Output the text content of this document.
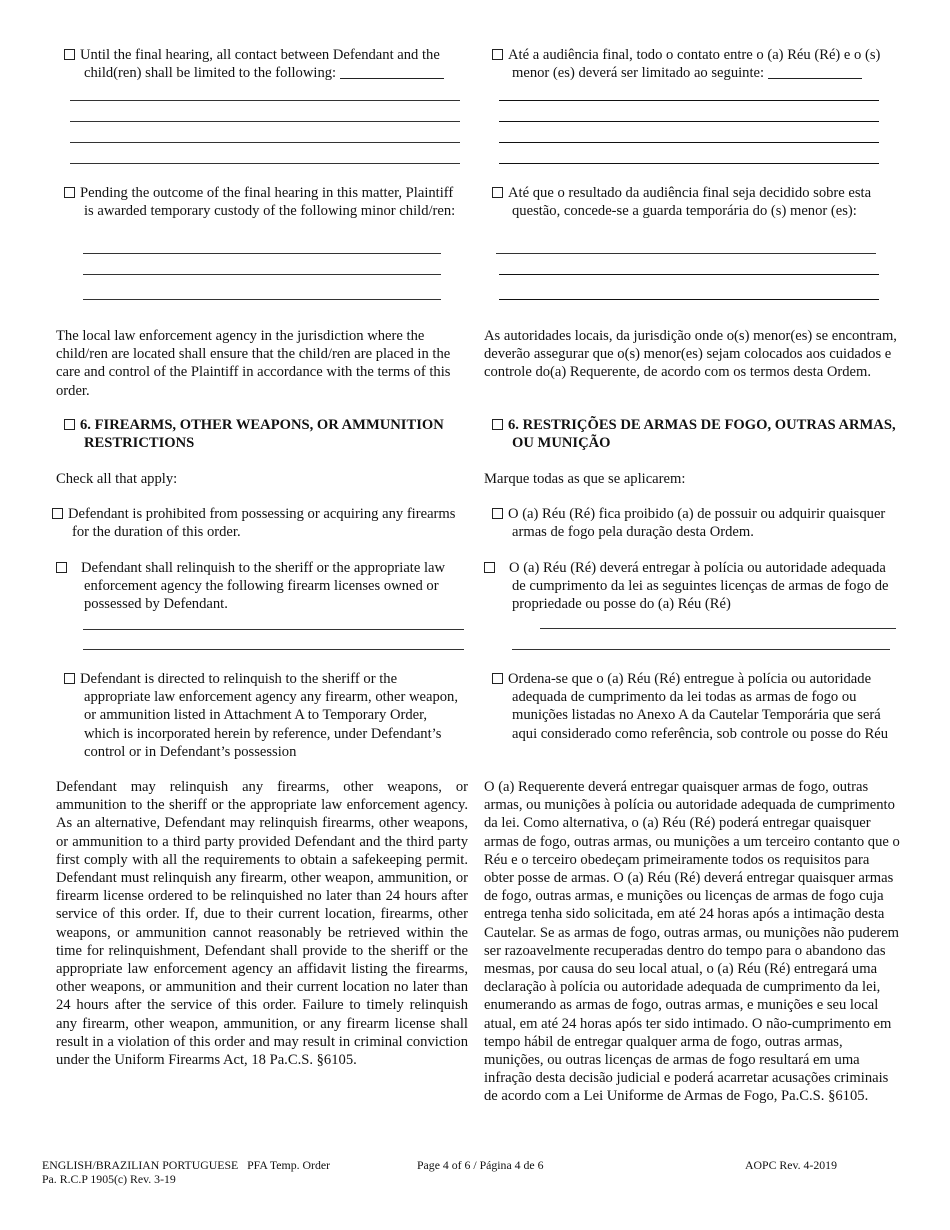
Until the final hearing, all contact between Defendant and the child(ren) shall be limited to the following:
Pending the outcome of the final hearing in this matter, Plaintiff is awarded temporary custody of the following minor child/ren:
The local law enforcement agency in the jurisdiction where the child/ren are located shall ensure that the child/ren are placed in the care and control of the Plaintiff in accordance with the terms of this order.
6. FIREARMS, OTHER WEAPONS, OR AMMUNITION RESTRICTIONS
Check all that apply:
Defendant is prohibited from possessing or acquiring any firearms for the duration of this order.
Defendant shall relinquish to the sheriff or the appropriate law enforcement agency the following firearm licenses owned or possessed by Defendant.
Defendant is directed to relinquish to the sheriff or the appropriate law enforcement agency any firearm, other weapon, or ammunition listed in Attachment A to Temporary Order, which is incorporated herein by reference, under Defendant’s control or in Defendant’s possession
Defendant may relinquish any firearms, other weapons, or ammunition to the sheriff or the appropriate law enforcement agency. As an alternative, Defendant may relinquish firearms, other weapons, or ammunition to a third party provided Defendant and the third party first comply with all the requirements to obtain a safekeeping permit. Defendant must relinquish any firearm, other weapon, ammunition, or firearm license ordered to be relinquished no later than 24 hours after service of this order. If, due to their current location, firearms, other weapons, or ammunition cannot reasonably be retrieved within the time for relinquishment, Defendant shall provide to the sheriff or the appropriate law enforcement agency an affidavit listing the firearms, other weapons, or ammunition and their current location no later than 24 hours after the service of this order. Failure to timely relinquish any firearm, other weapon, ammunition, or any firearm license shall result in a violation of this order and may result in criminal conviction under the Uniform Firearms Act, 18 Pa.C.S. §6105.
Até a audiência final, todo o contato entre o (a) Réu (Ré) e o (s) menor (es) deverá ser limitado ao seguinte:
Até que o resultado da audiência final seja decidido sobre esta questão, concede-se a guarda temporária do (s) menor (es):
As autoridades locais, da jurisdição onde o(s) menor(es) se encontram, deverão assegurar que o(s) menor(es) sejam colocados aos cuidados e controle do(a) Requerente, de acordo com os termos desta Ordem.
6. RESTRIÇÕES DE ARMAS DE FOGO, OUTRAS ARMAS, OU MUNIÇÃO
Marque todas as que se aplicarem:
O (a) Réu (Ré) fica proibido (a) de possuir ou adquirir quaisquer armas de fogo pela duração desta Ordem.
O (a) Réu (Ré) deverá entregar à polícia ou autoridade adequada de cumprimento da lei as seguintes licenças de armas de fogo de propriedade ou posse do (a) Réu (Ré)
Ordena-se que o (a) Réu (Ré) entregue à polícia ou autoridade adequada de cumprimento da lei todas as armas de fogo ou munições listadas no Anexo A da Cautelar Temporária que será aqui considerado como referência, sob controle ou posse do Réu
O (a) Requerente deverá entregar quaisquer armas de fogo, outras armas, ou munições à polícia ou autoridade adequada de cumprimento da lei. Como alternativa, o (a) Réu (Ré) poderá entregar quaisquer armas de fogo, outras armas, ou munições a um terceiro contanto que o Réu e o terceiro obedeçam primeiramente todos os requisitos para obter posse de armas. O (a) Réu (Ré) deverá entregar quaisquer armas de fogo, outras armas, e munições ou licenças de armas de fogo cuja entrega tenha sido solicitada, em até 24 horas após a intimação desta Cautelar. Se as armas de fogo, outras armas, ou munições não puderem ser razoavelmente recuperadas dentro do tempo para o abandono das mesmas, por causa do seu local atual, o (a) Réu (Ré) entregará uma declaração à polícia ou autoridade adequada de cumprimento da lei, enumerando as armas de fogo, outras armas, e munições e seu local atual, em até 24 horas após ter sido intimado. O não-cumprimento em tempo hábil de entregar qualquer arma de fogo, outras armas, munições, ou outras licenças de armas de fogo resultará em uma infração desta decisão judicial e poderá acarretar acusações criminais de acordo com a Lei Uniforme de Armas de Fogo, Pa.C.S. §6105.
ENGLISH/BRAZILIAN PORTUGUESE   PFA Temp. Order
Pa. R.C.P 1905(c) Rev. 3-19
Page 4 of 6 / Página 4 de 6	AOPC Rev. 4-2019
